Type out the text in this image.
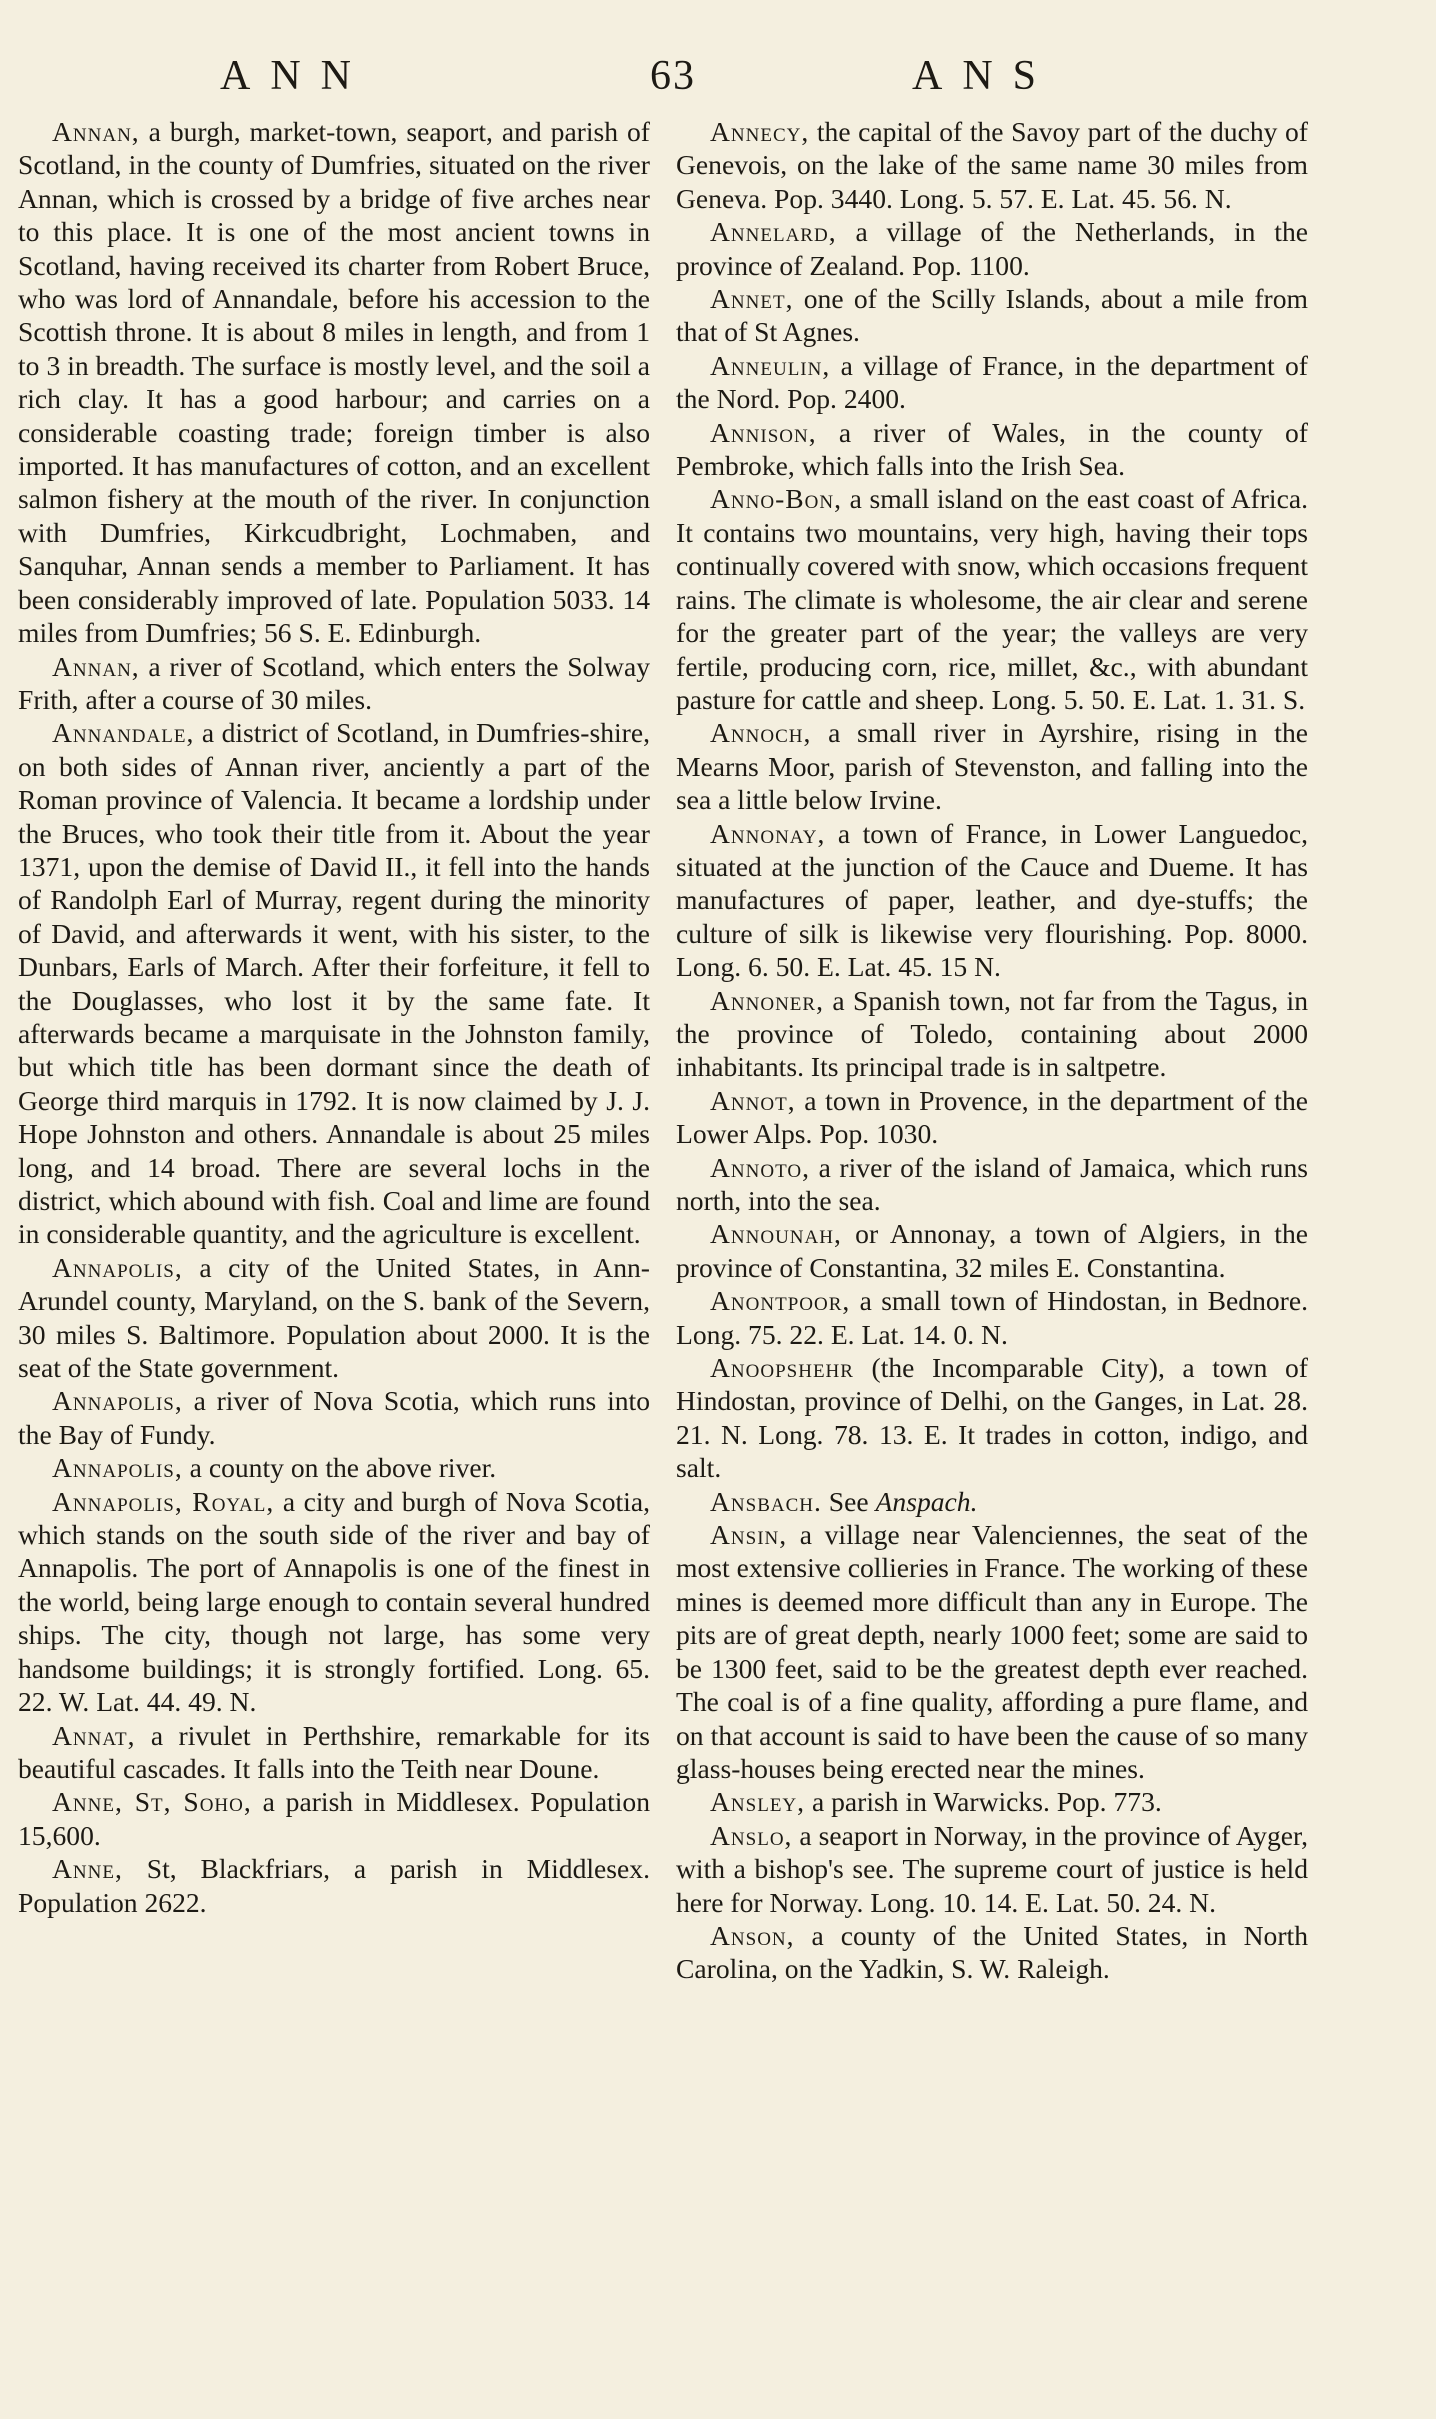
ANN	63	ANS

Annan, a burgh, market-town, seaport, and parish of Scotland, in the county of Dumfries, situated on the river Annan, which is crossed by a bridge of five arches near to this place. It is one of the most ancient towns in Scotland, having received its charter from Robert Bruce, who was lord of Annandale, before his accession to the Scottish throne. It is about 8 miles in length, and from 1 to 3 in breadth. The surface is mostly level, and the soil a rich clay. It has a good harbour; and carries on a considerable coasting trade; foreign timber is also imported. It has manufactures of cotton, and an excellent salmon fishery at the mouth of the river. In conjunction with Dumfries, Kirkcudbright, Lochmaben, and Sanquhar, Annan sends a member to Parliament. It has been considerably improved of late. Population 5033. 14 miles from Dumfries; 56 S. E. Edinburgh.

Annan, a river of Scotland, which enters the Solway Frith, after a course of 30 miles.

Annandale, a district of Scotland, in Dumfries-shire, on both sides of Annan river, anciently a part of the Roman province of Valencia. It became a lordship under the Bruces, who took their title from it. About the year 1371, upon the demise of David II., it fell into the hands of Randolph Earl of Murray, regent during the minority of David, and afterwards it went, with his sister, to the Dunbars, Earls of March. After their forfeiture, it fell to the Douglasses, who lost it by the same fate. It afterwards became a marquisate in the Johnston family, but which title has been dormant since the death of George third marquis in 1792. It is now claimed by J. J. Hope Johnston and others. Annandale is about 25 miles long, and 14 broad. There are several lochs in the district, which abound with fish. Coal and lime are found in considerable quantity, and the agriculture is excellent.

Annapolis, a city of the United States, in Ann-Arundel county, Maryland, on the S. bank of the Severn, 30 miles S. Baltimore. Population about 2000. It is the seat of the State government.

Annapolis, a river of Nova Scotia, which runs into the Bay of Fundy.

Annapolis, a county on the above river.

Annapolis, Royal, a city and burgh of Nova Scotia, which stands on the south side of the river and bay of Annapolis. The port of Annapolis is one of the finest in the world, being large enough to contain several hundred ships. The city, though not large, has some very handsome buildings; it is strongly fortified. Long. 65. 22. W. Lat. 44. 49. N.

Annat, a rivulet in Perthshire, remarkable for its beautiful cascades. It falls into the Teith near Doune.

Anne, St, Soho, a parish in Middlesex. Population 15,600.

Anne, St, Blackfriars, a parish in Middlesex. Population 2622.

Annecy, the capital of the Savoy part of the duchy of Genevois, on the lake of the same name 30 miles from Geneva. Pop. 3440. Long. 5. 57. E. Lat. 45. 56. N.

Annelard, a village of the Netherlands, in the province of Zealand. Pop. 1100.

Annet, one of the Scilly Islands, about a mile from that of St Agnes.

Anneulin, a village of France, in the department of the Nord. Pop. 2400.

Annison, a river of Wales, in the county of Pembroke, which falls into the Irish Sea.

Anno-Bon, a small island on the east coast of Africa. It contains two mountains, very high, having their tops continually covered with snow, which occasions frequent rains. The climate is wholesome, the air clear and serene for the greater part of the year; the valleys are very fertile, producing corn, rice, millet, &c., with abundant pasture for cattle and sheep. Long. 5. 50. E. Lat. 1. 31. S.

Annoch, a small river in Ayrshire, rising in the Mearns Moor, parish of Stevenston, and falling into the sea a little below Irvine.

Annonay, a town of France, in Lower Languedoc, situated at the junction of the Cauce and Dueme. It has manufactures of paper, leather, and dye-stuffs; the culture of silk is likewise very flourishing. Pop. 8000. Long. 6. 50. E. Lat. 45. 15 N.

Annoner, a Spanish town, not far from the Tagus, in the province of Toledo, containing about 2000 inhabitants. Its principal trade is in saltpetre.

Annot, a town in Provence, in the department of the Lower Alps. Pop. 1030.

Annoto, a river of the island of Jamaica, which runs north, into the sea.

Announah, or Annonay, a town of Algiers, in the province of Constantina, 32 miles E. Constantina.

Anontpoor, a small town of Hindostan, in Bednore. Long. 75. 22. E. Lat. 14. 0. N.

Anoopshehr (the Incomparable City), a town of Hindostan, province of Delhi, on the Ganges, in Lat. 28. 21. N. Long. 78. 13. E. It trades in cotton, indigo, and salt.

Ansbach. See Anspach.

Ansin, a village near Valenciennes, the seat of the most extensive collieries in France. The working of these mines is deemed more difficult than any in Europe. The pits are of great depth, nearly 1000 feet; some are said to be 1300 feet, said to be the greatest depth ever reached. The coal is of a fine quality, affording a pure flame, and on that account is said to have been the cause of so many glass-houses being erected near the mines.

Ansley, a parish in Warwicks. Pop. 773.

Anslo, a seaport in Norway, in the province of Ayger, with a bishop's see. The supreme court of justice is held here for Norway. Long. 10. 14. E. Lat. 50. 24. N.

Anson, a county of the United States, in North Carolina, on the Yadkin, S. W. Raleigh.
